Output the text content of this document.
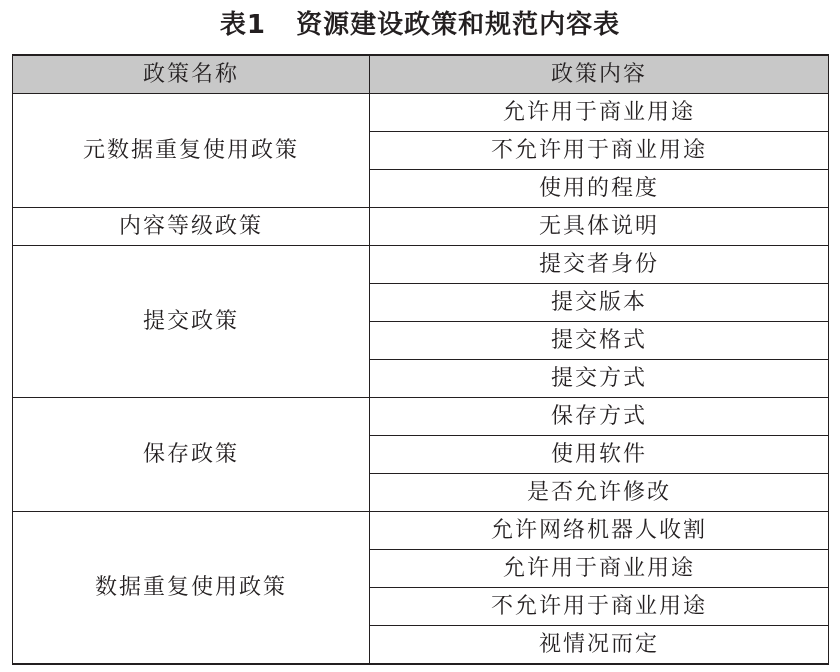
表1   资源建设政策和规范内容表
政策名称	政策内容
元数据重复使用政策	允许用于商业用途
	不允许用于商业用途
	使用的程度
内容等级政策	无具体说明
提交政策	提交者身份
	提交版本
	提交格式
	提交方式
保存政策	保存方式
	使用软件
	是否允许修改
数据重复使用政策	允许网络机器人收割
	允许用于商业用途
	不允许用于商业用途
	视情况而定
